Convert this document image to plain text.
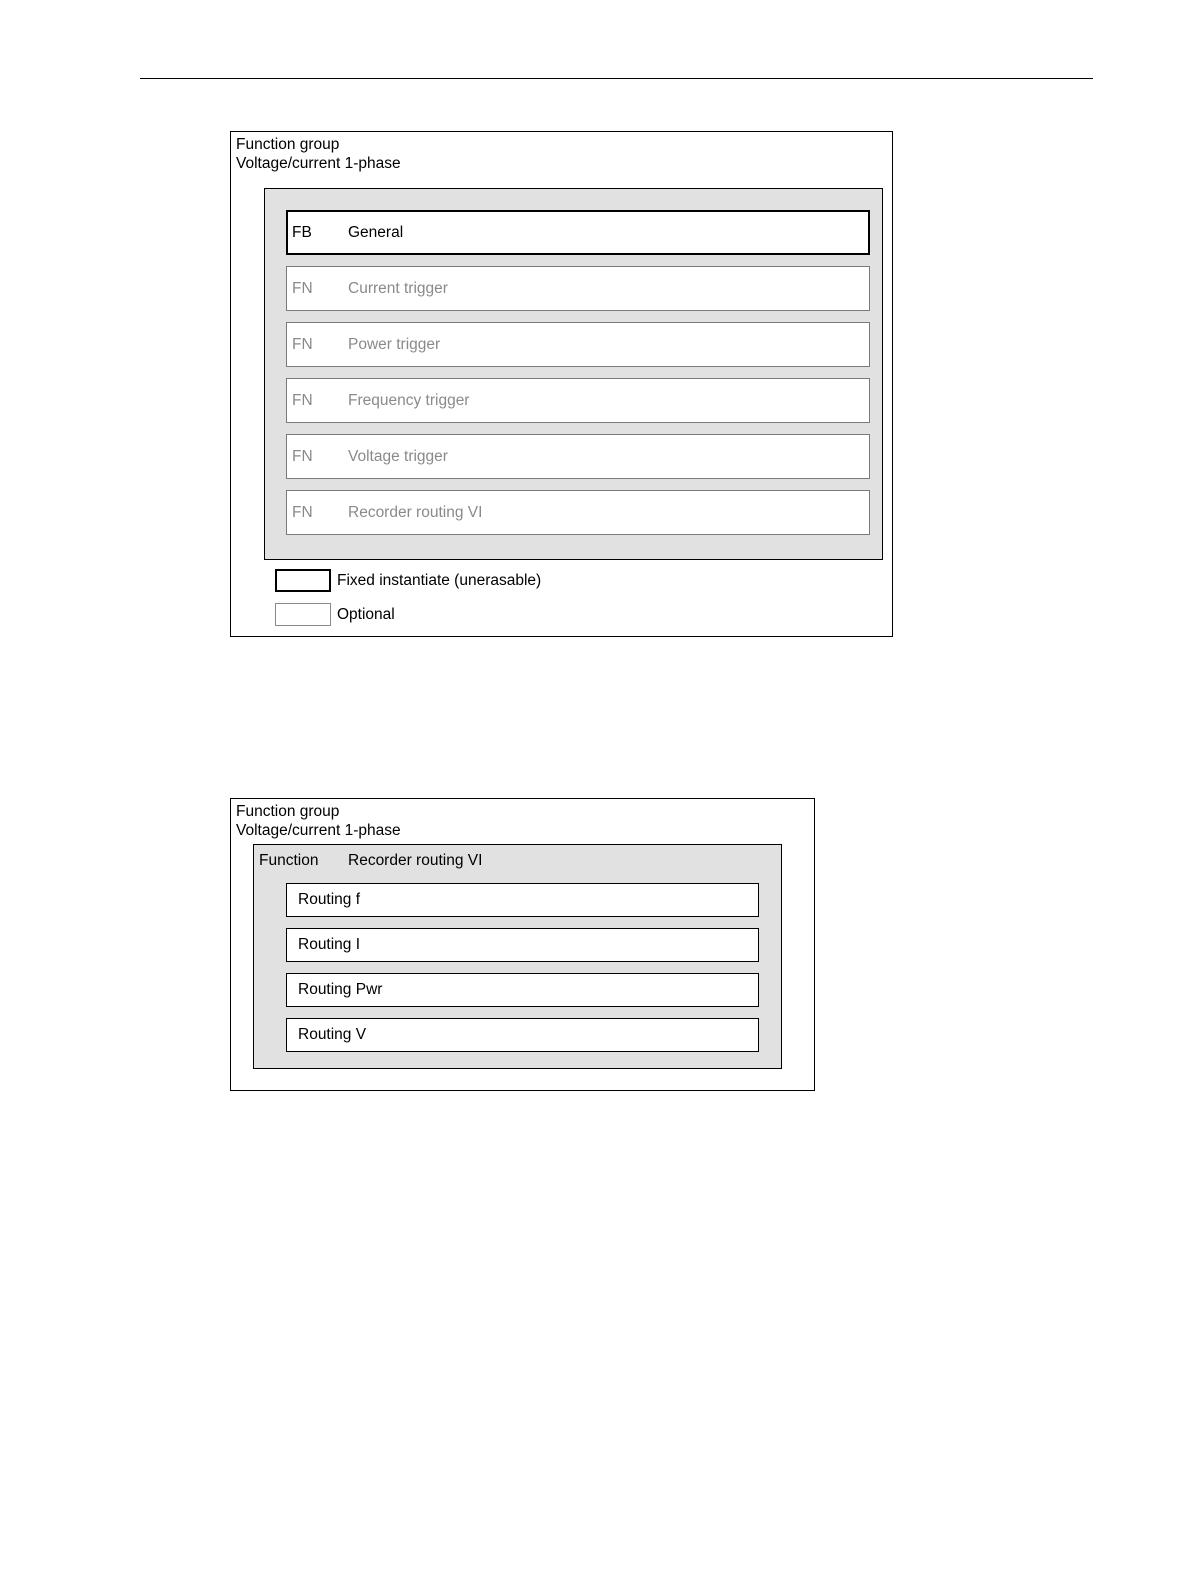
Function group
Voltage/current 1-phase
FB General
FN Current trigger
FN Power trigger
FN Frequency trigger
FN Voltage trigger
FN Recorder routing VI
Fixed instantiate (unerasable)
Optional
Function group
Voltage/current 1-phase
Function Recorder routing VI
Routing f
Routing I
Routing Pwr
Routing V
